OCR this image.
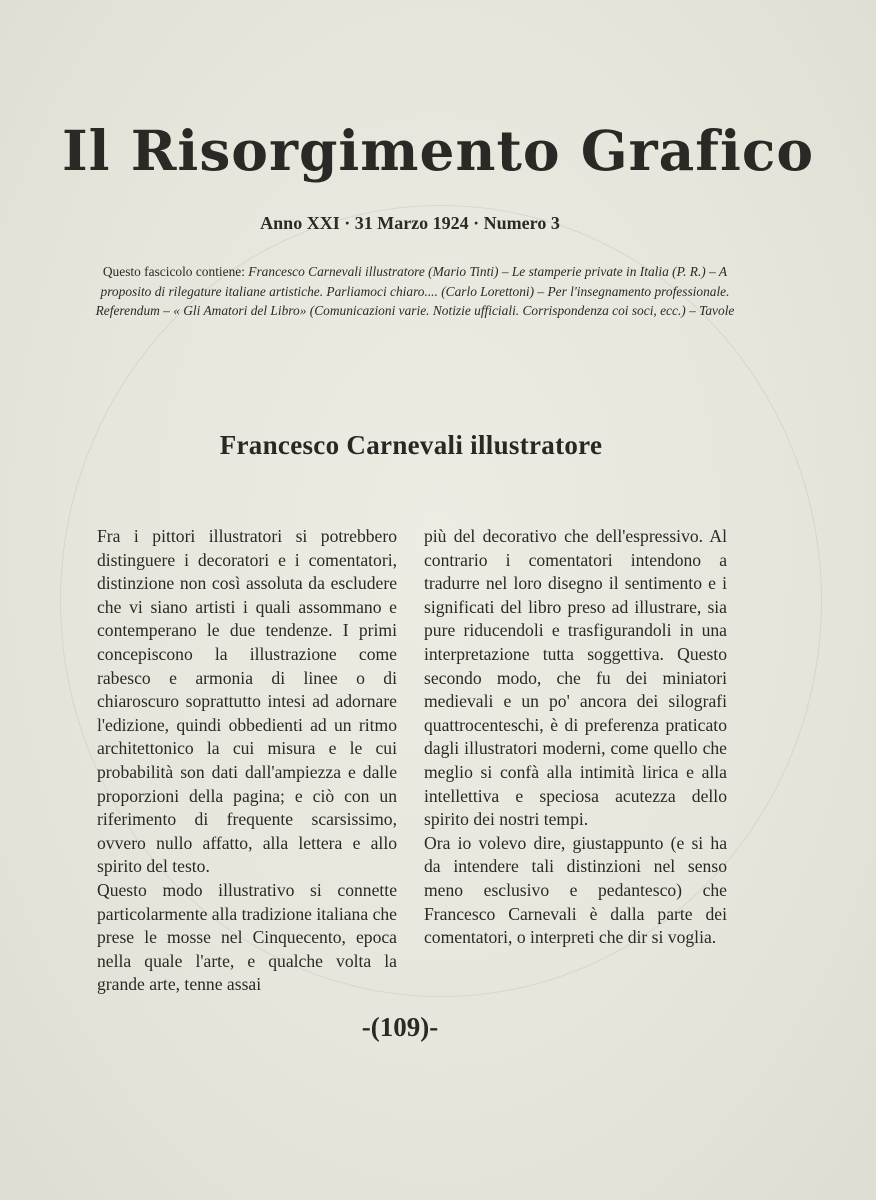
Il Risorgimento Grafico
Anno XXI · 31 Marzo 1924 · Numero 3
Questo fascicolo contiene: Francesco Carnevali illustratore (Mario Tinti) – Le stamperie private in Italia (P. R.) – A proposito di rilegature italiane artistiche. Parliamoci chiaro.... (Carlo Lorettoni) – Per l'insegnamento professionale. Referendum – « Gli Amatori del Libro» (Comunicazioni varie. Notizie ufficiali. Corrispondenza coi soci, ecc.) – Tavole
Francesco Carnevali illustratore

Fra i pittori illustratori si potrebbero distinguere i decoratori e i comentatori, distinzione non così assoluta da escludere che vi siano artisti i quali assommano e contemperano le due tendenze. I primi concepiscono la illustrazione come rabesco e armonia di linee o di chiaroscuro soprattutto intesi ad adornare l'edizione, quindi obbedienti ad un ritmo architettonico la cui misura e le cui probabilità son dati dall'ampiezza e dalle proporzioni della pagina; e ciò con un riferimento di frequente scarsissimo, ovvero nullo affatto, alla lettera e allo spirito del testo.

Questo modo illustrativo si connette particolarmente alla tradizione italiana che prese le mosse nel Cinquecento, epoca nella quale l'arte, e qualche volta la grande arte, tenne assai

più del decorativo che dell'espressivo. Al contrario i comentatori intendono a tradurre nel loro disegno il sentimento e i significati del libro preso ad illustrare, sia pure riducendoli e trasfigurandoli in una interpretazione tutta soggettiva. Questo secondo modo, che fu dei miniatori medievali e un po' ancora dei silografi quattrocenteschi, è di preferenza praticato dagli illustratori moderni, come quello che meglio si confà alla intimità lirica e alla intellettiva e speciosa acutezza dello spirito dei nostri tempi.

Ora io volevo dire, giustappunto (e si ha da intendere tali distinzioni nel senso meno esclusivo e pedantesco) che Francesco Carnevali è dalla parte dei comentatori, o interpreti che dir si voglia.

-(109)-
